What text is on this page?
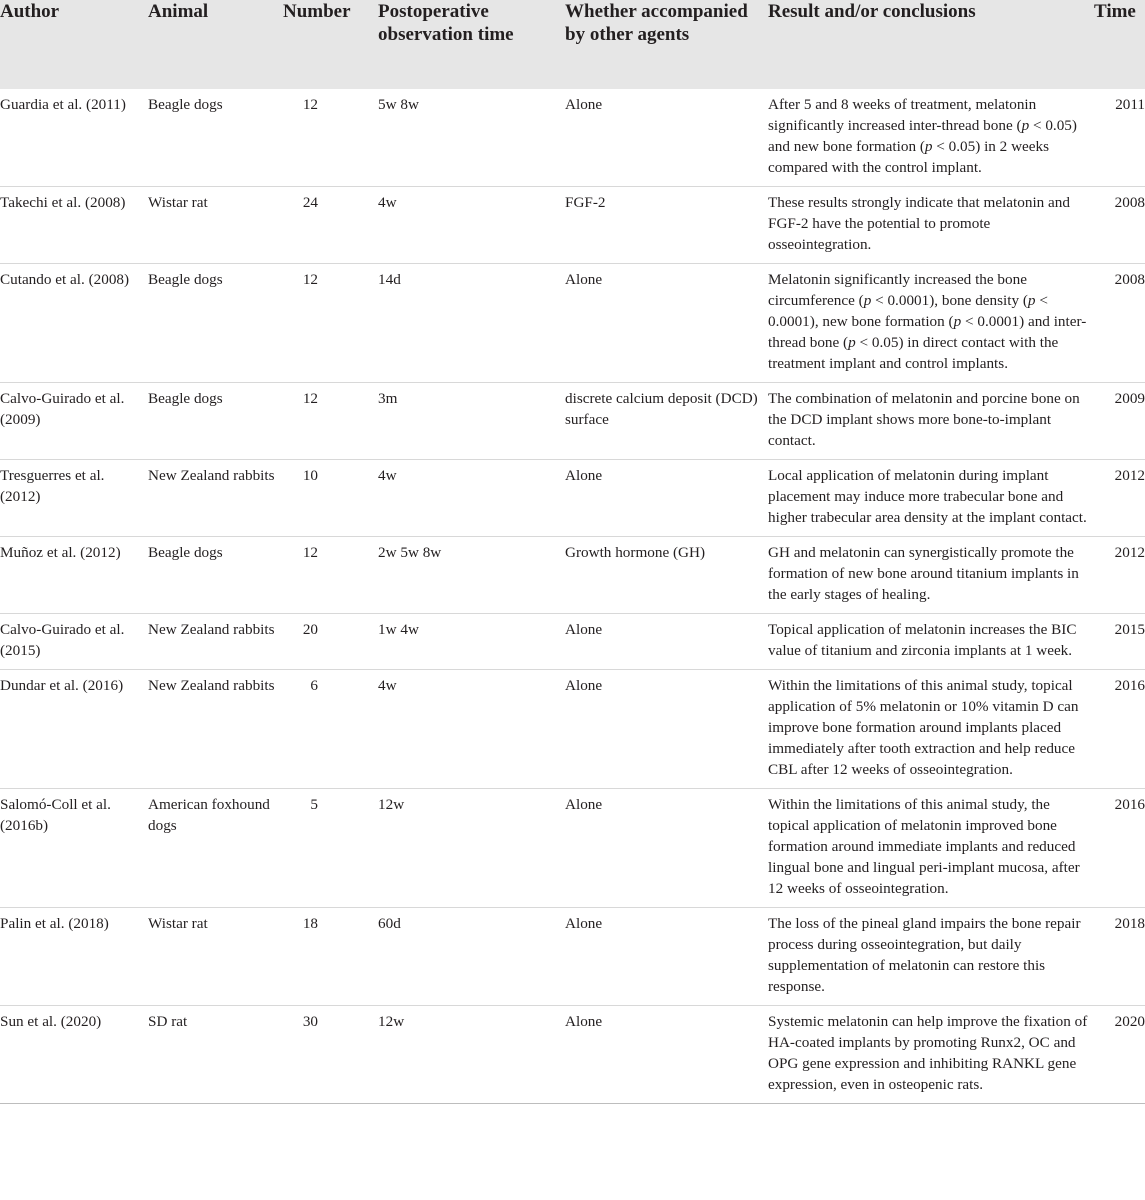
Author	Animal	Number	Postoperative observation time	Whether accompanied by other agents	Result and/or conclusions	Time
Guardia et al. (2011)	Beagle dogs	12	5w 8w	Alone	After 5 and 8 weeks of treatment, melatonin significantly increased inter-thread bone (p < 0.05) and new bone formation (p < 0.05) in 2 weeks compared with the control implant.	2011
Takechi et al. (2008)	Wistar rat	24	4w	FGF-2	These results strongly indicate that melatonin and FGF-2 have the potential to promote osseointegration.	2008
Cutando et al. (2008)	Beagle dogs	12	14d	Alone	Melatonin significantly increased the bone circumference (p < 0.0001), bone density (p < 0.0001), new bone formation (p < 0.0001) and inter-thread bone (p < 0.05) in direct contact with the treatment implant and control implants.	2008
Calvo-Guirado et al. (2009)	Beagle dogs	12	3m	discrete calcium deposit (DCD) surface	The combination of melatonin and porcine bone on the DCD implant shows more bone-to-implant contact.	2009
Tresguerres et al. (2012)	New Zealand rabbits	10	4w	Alone	Local application of melatonin during implant placement may induce more trabecular bone and higher trabecular area density at the implant contact.	2012
Muñoz et al. (2012)	Beagle dogs	12	2w 5w 8w	Growth hormone (GH)	GH and melatonin can synergistically promote the formation of new bone around titanium implants in the early stages of healing.	2012
Calvo-Guirado et al. (2015)	New Zealand rabbits	20	1w 4w	Alone	Topical application of melatonin increases the BIC value of titanium and zirconia implants at 1 week.	2015
Dundar et al. (2016)	New Zealand rabbits	6	4w	Alone	Within the limitations of this animal study, topical application of 5% melatonin or 10% vitamin D can improve bone formation around implants placed immediately after tooth extraction and help reduce CBL after 12 weeks of osseointegration.	2016
Salomó-Coll et al. (2016b)	American foxhound dogs	5	12w	Alone	Within the limitations of this animal study, the topical application of melatonin improved bone formation around immediate implants and reduced lingual bone and lingual peri-implant mucosa, after 12 weeks of osseointegration.	2016
Palin et al. (2018)	Wistar rat	18	60d	Alone	The loss of the pineal gland impairs the bone repair process during osseointegration, but daily supplementation of melatonin can restore this response.	2018
Sun et al. (2020)	SD rat	30	12w	Alone	Systemic melatonin can help improve the fixation of HA-coated implants by promoting Runx2, OC and OPG gene expression and inhibiting RANKL gene expression, even in osteopenic rats.	2020
